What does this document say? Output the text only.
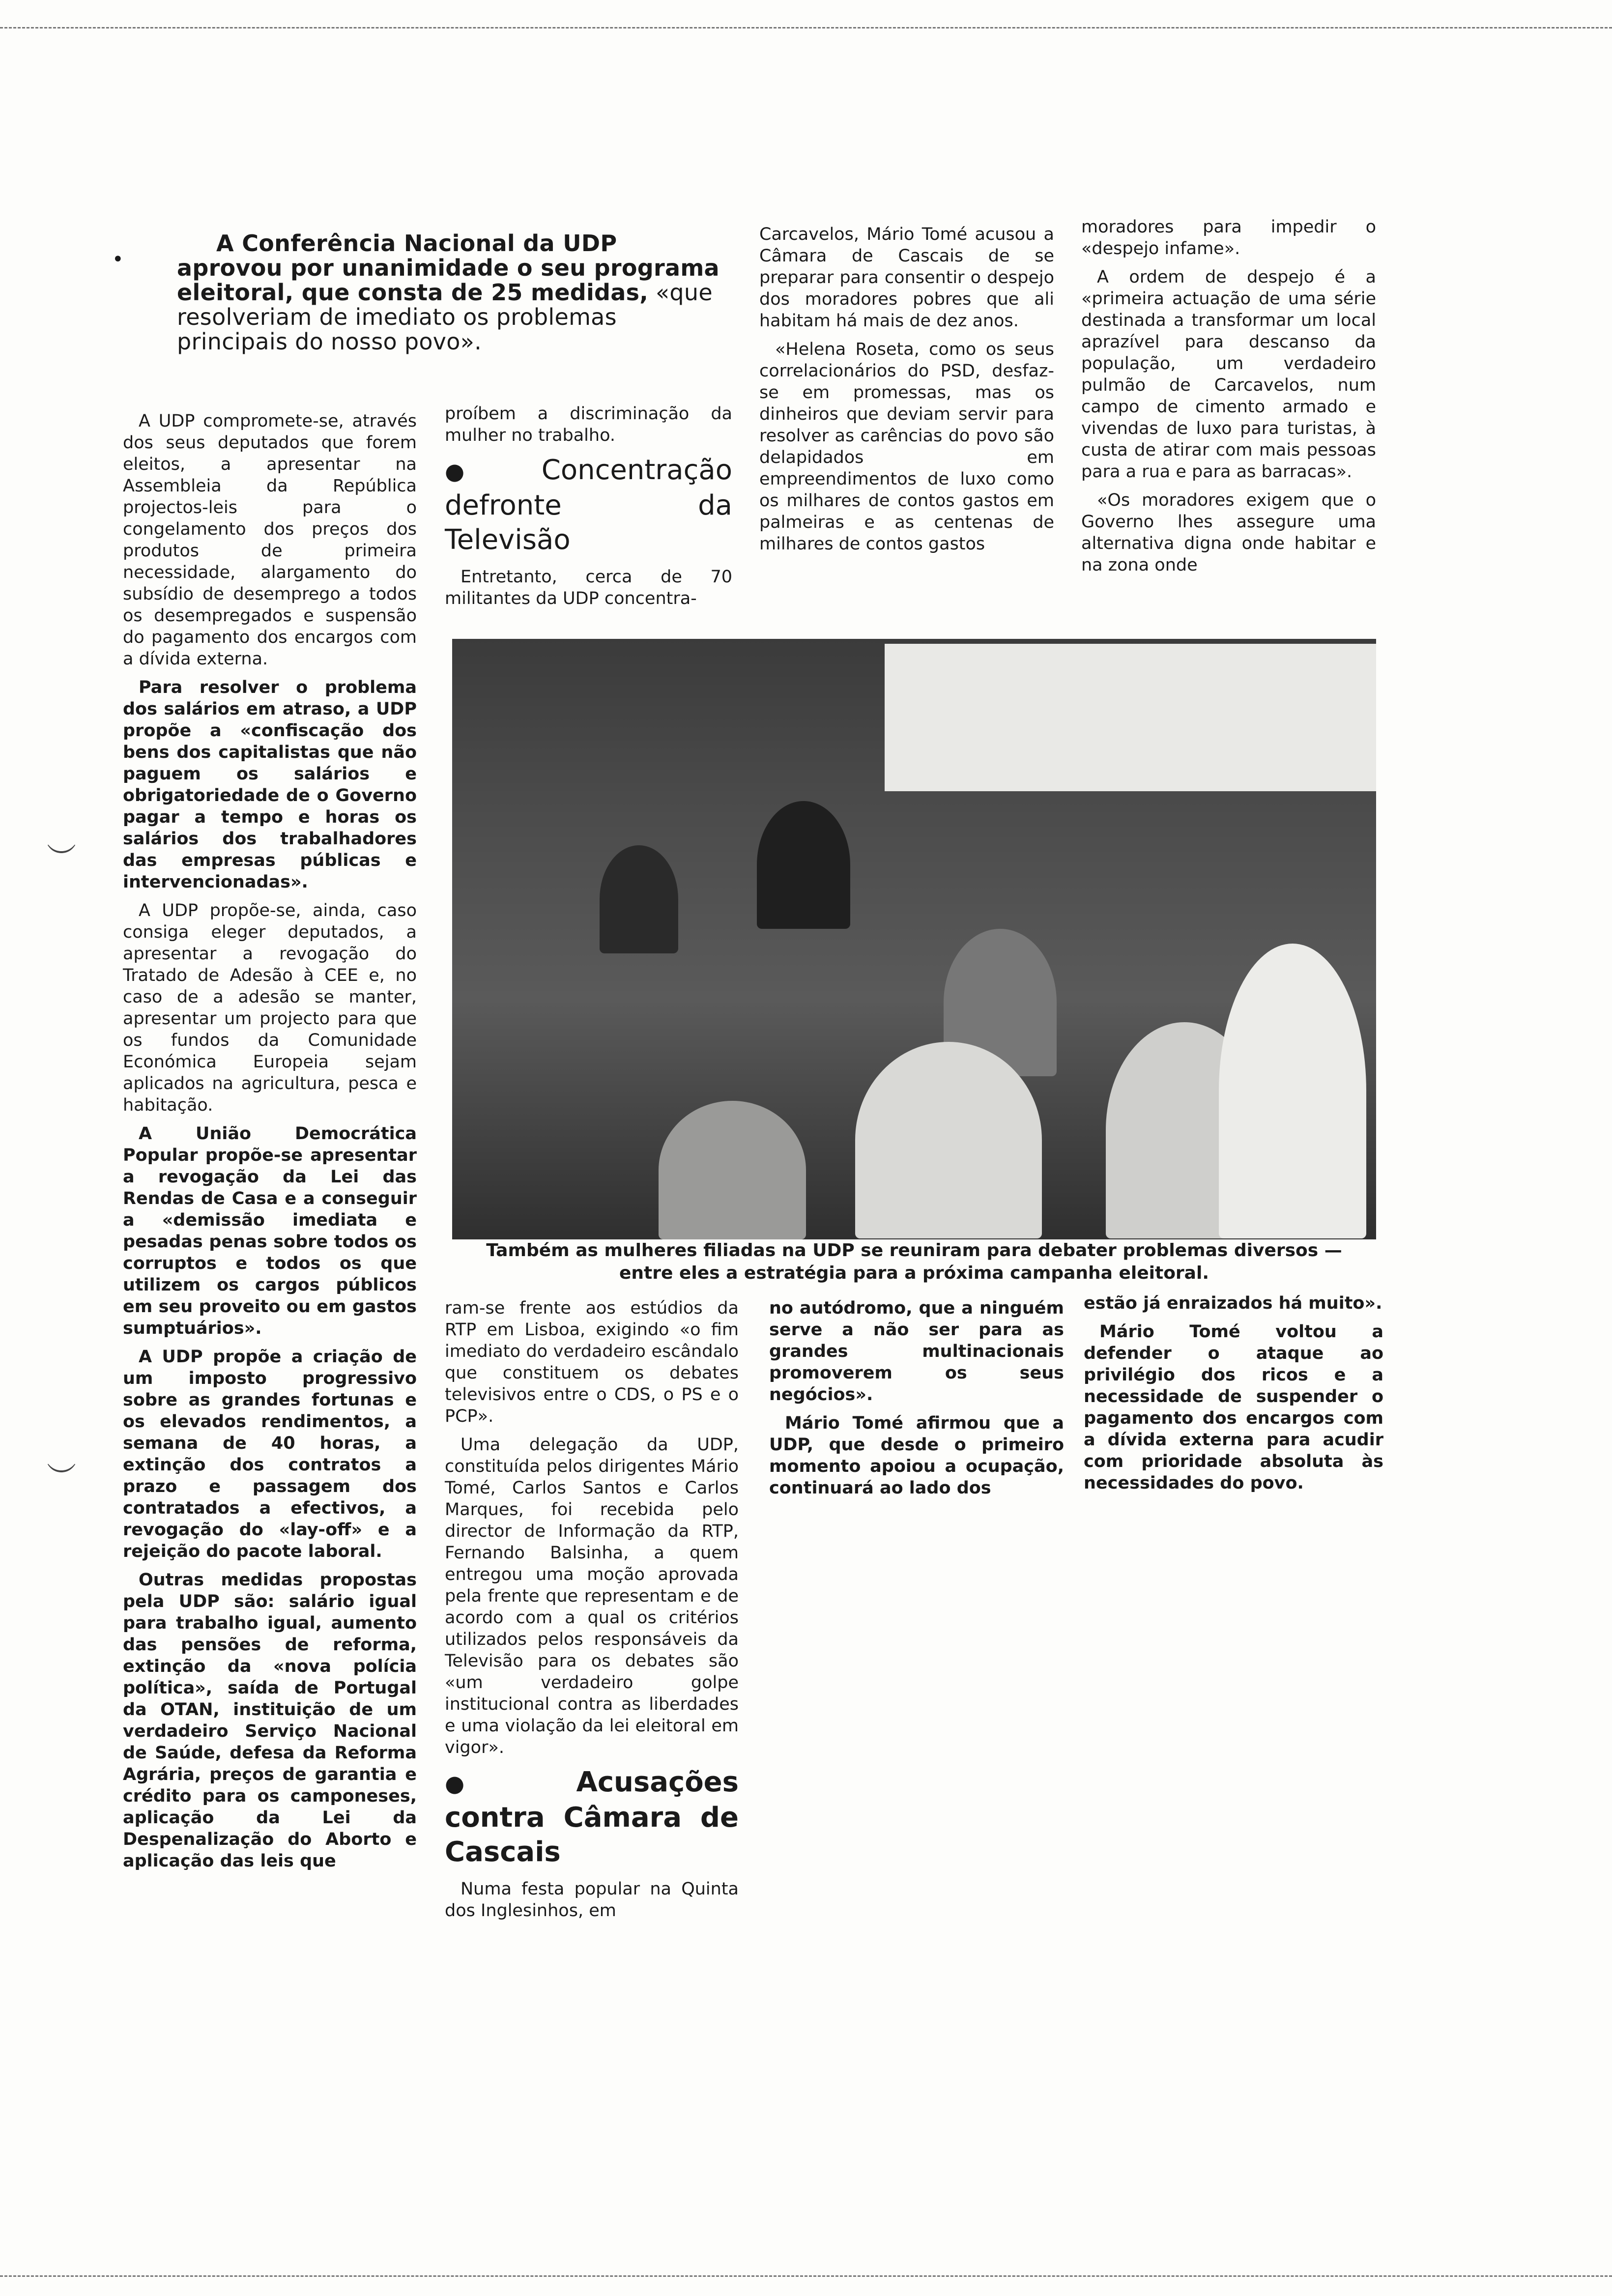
︶
︶
•
A Conferência Nacional da UDP aprovou por unanimidade o seu programa eleitoral, que consta de 25 medidas, «que resolveriam de imediato os problemas principais do nosso povo».

A UDP compromete-se, através dos seus deputados que forem eleitos, a apresentar na Assembleia da República projectos-leis para o congelamento dos preços dos produtos de primeira necessidade, alargamento do subsídio de desemprego a todos os desempregados e suspensão do pagamento dos encargos com a dívida externa.

Para resolver o problema dos salários em atraso, a UDP propõe a «confiscação dos bens dos capitalistas que não paguem os salários e obrigatoriedade de o Governo pagar a tempo e horas os salários dos trabalhadores das empresas públicas e intervencionadas».

A UDP propõe-se, ainda, caso consiga eleger deputados, a apresentar a revogação do Tratado de Adesão à CEE e, no caso de a adesão se manter, apresentar um projecto para que os fundos da Comunidade Económica Europeia sejam aplicados na agricultura, pesca e habitação.

A União Democrática Popular propõe-se apresentar a revogação da Lei das Rendas de Casa e a conseguir a «demissão imediata e pesadas penas sobre todos os corruptos e todos os que utilizem os cargos públicos em seu proveito ou em gastos sumptuários».

A UDP propõe a criação de um imposto progressivo sobre as grandes fortunas e os elevados rendimentos, a semana de 40 horas, a extinção dos contratos a prazo e passagem dos contratados a efectivos, a revogação do «lay-off» e a rejeição do pacote laboral.

Outras medidas propostas pela UDP são: salário igual para trabalho igual, aumento das pensões de reforma, extinção da «nova polícia política», saída de Portugal da OTAN, instituição de um verdadeiro Serviço Nacional de Saúde, defesa da Reforma Agrária, preços de garantia e crédito para os camponeses, aplicação da Lei da Despenalização do Aborto e aplicação das leis que

proíbem a discriminação da mulher no trabalho.

● Concentração defronte da Televisão

Entretanto, cerca de 70 militantes da UDP concentra-

Também as mulheres filiadas na UDP se reuniram para debater problemas diversos —
entre eles a estratégia para a próxima campanha eleitoral.

ram-se frente aos estúdios da RTP em Lisboa, exigindo «o fim imediato do verdadeiro escândalo que constituem os debates televisivos entre o CDS, o PS e o PCP».

Uma delegação da UDP, constituída pelos dirigentes Mário Tomé, Carlos Santos e Carlos Marques, foi recebida pelo director de Informação da RTP, Fernando Balsinha, a quem entregou uma moção aprovada pela frente que representam e de acordo com a qual os critérios utilizados pelos responsáveis da Televisão para os debates são «um verdadeiro golpe institucional contra as liberdades e uma violação da lei eleitoral em vigor».

● Acusações contra Câmara de Cascais

Numa festa popular na Quinta dos Inglesinhos, em

Carcavelos, Mário Tomé acusou a Câmara de Cascais de se preparar para consentir o despejo dos moradores pobres que ali habitam há mais de dez anos.

«Helena Roseta, como os seus correlacionários do PSD, desfaz-se em promessas, mas os dinheiros que deviam servir para resolver as carências do povo são delapidados em empreendimentos de luxo como os milhares de contos gastos em palmeiras e as centenas de milhares de contos gastos

no autódromo, que a ninguém serve a não ser para as grandes multinacionais promoverem os seus negócios».

Mário Tomé afirmou que a UDP, que desde o primeiro momento apoiou a ocupação, continuará ao lado dos

moradores para impedir o «despejo infame».

A ordem de despejo é a «primeira actuação de uma série destinada a transformar um local aprazível para descanso da população, um verdadeiro pulmão de Carcavelos, num campo de cimento armado e vivendas de luxo para turistas, à custa de atirar com mais pessoas para a rua e para as barracas».

«Os moradores exigem que o Governo lhes assegure uma alternativa digna onde habitar e na zona onde

estão já enraizados há muito».

Mário Tomé voltou a defender o ataque ao privilégio dos ricos e a necessidade de suspender o pagamento dos encargos com a dívida externa para acudir com prioridade absoluta às necessidades do povo.
